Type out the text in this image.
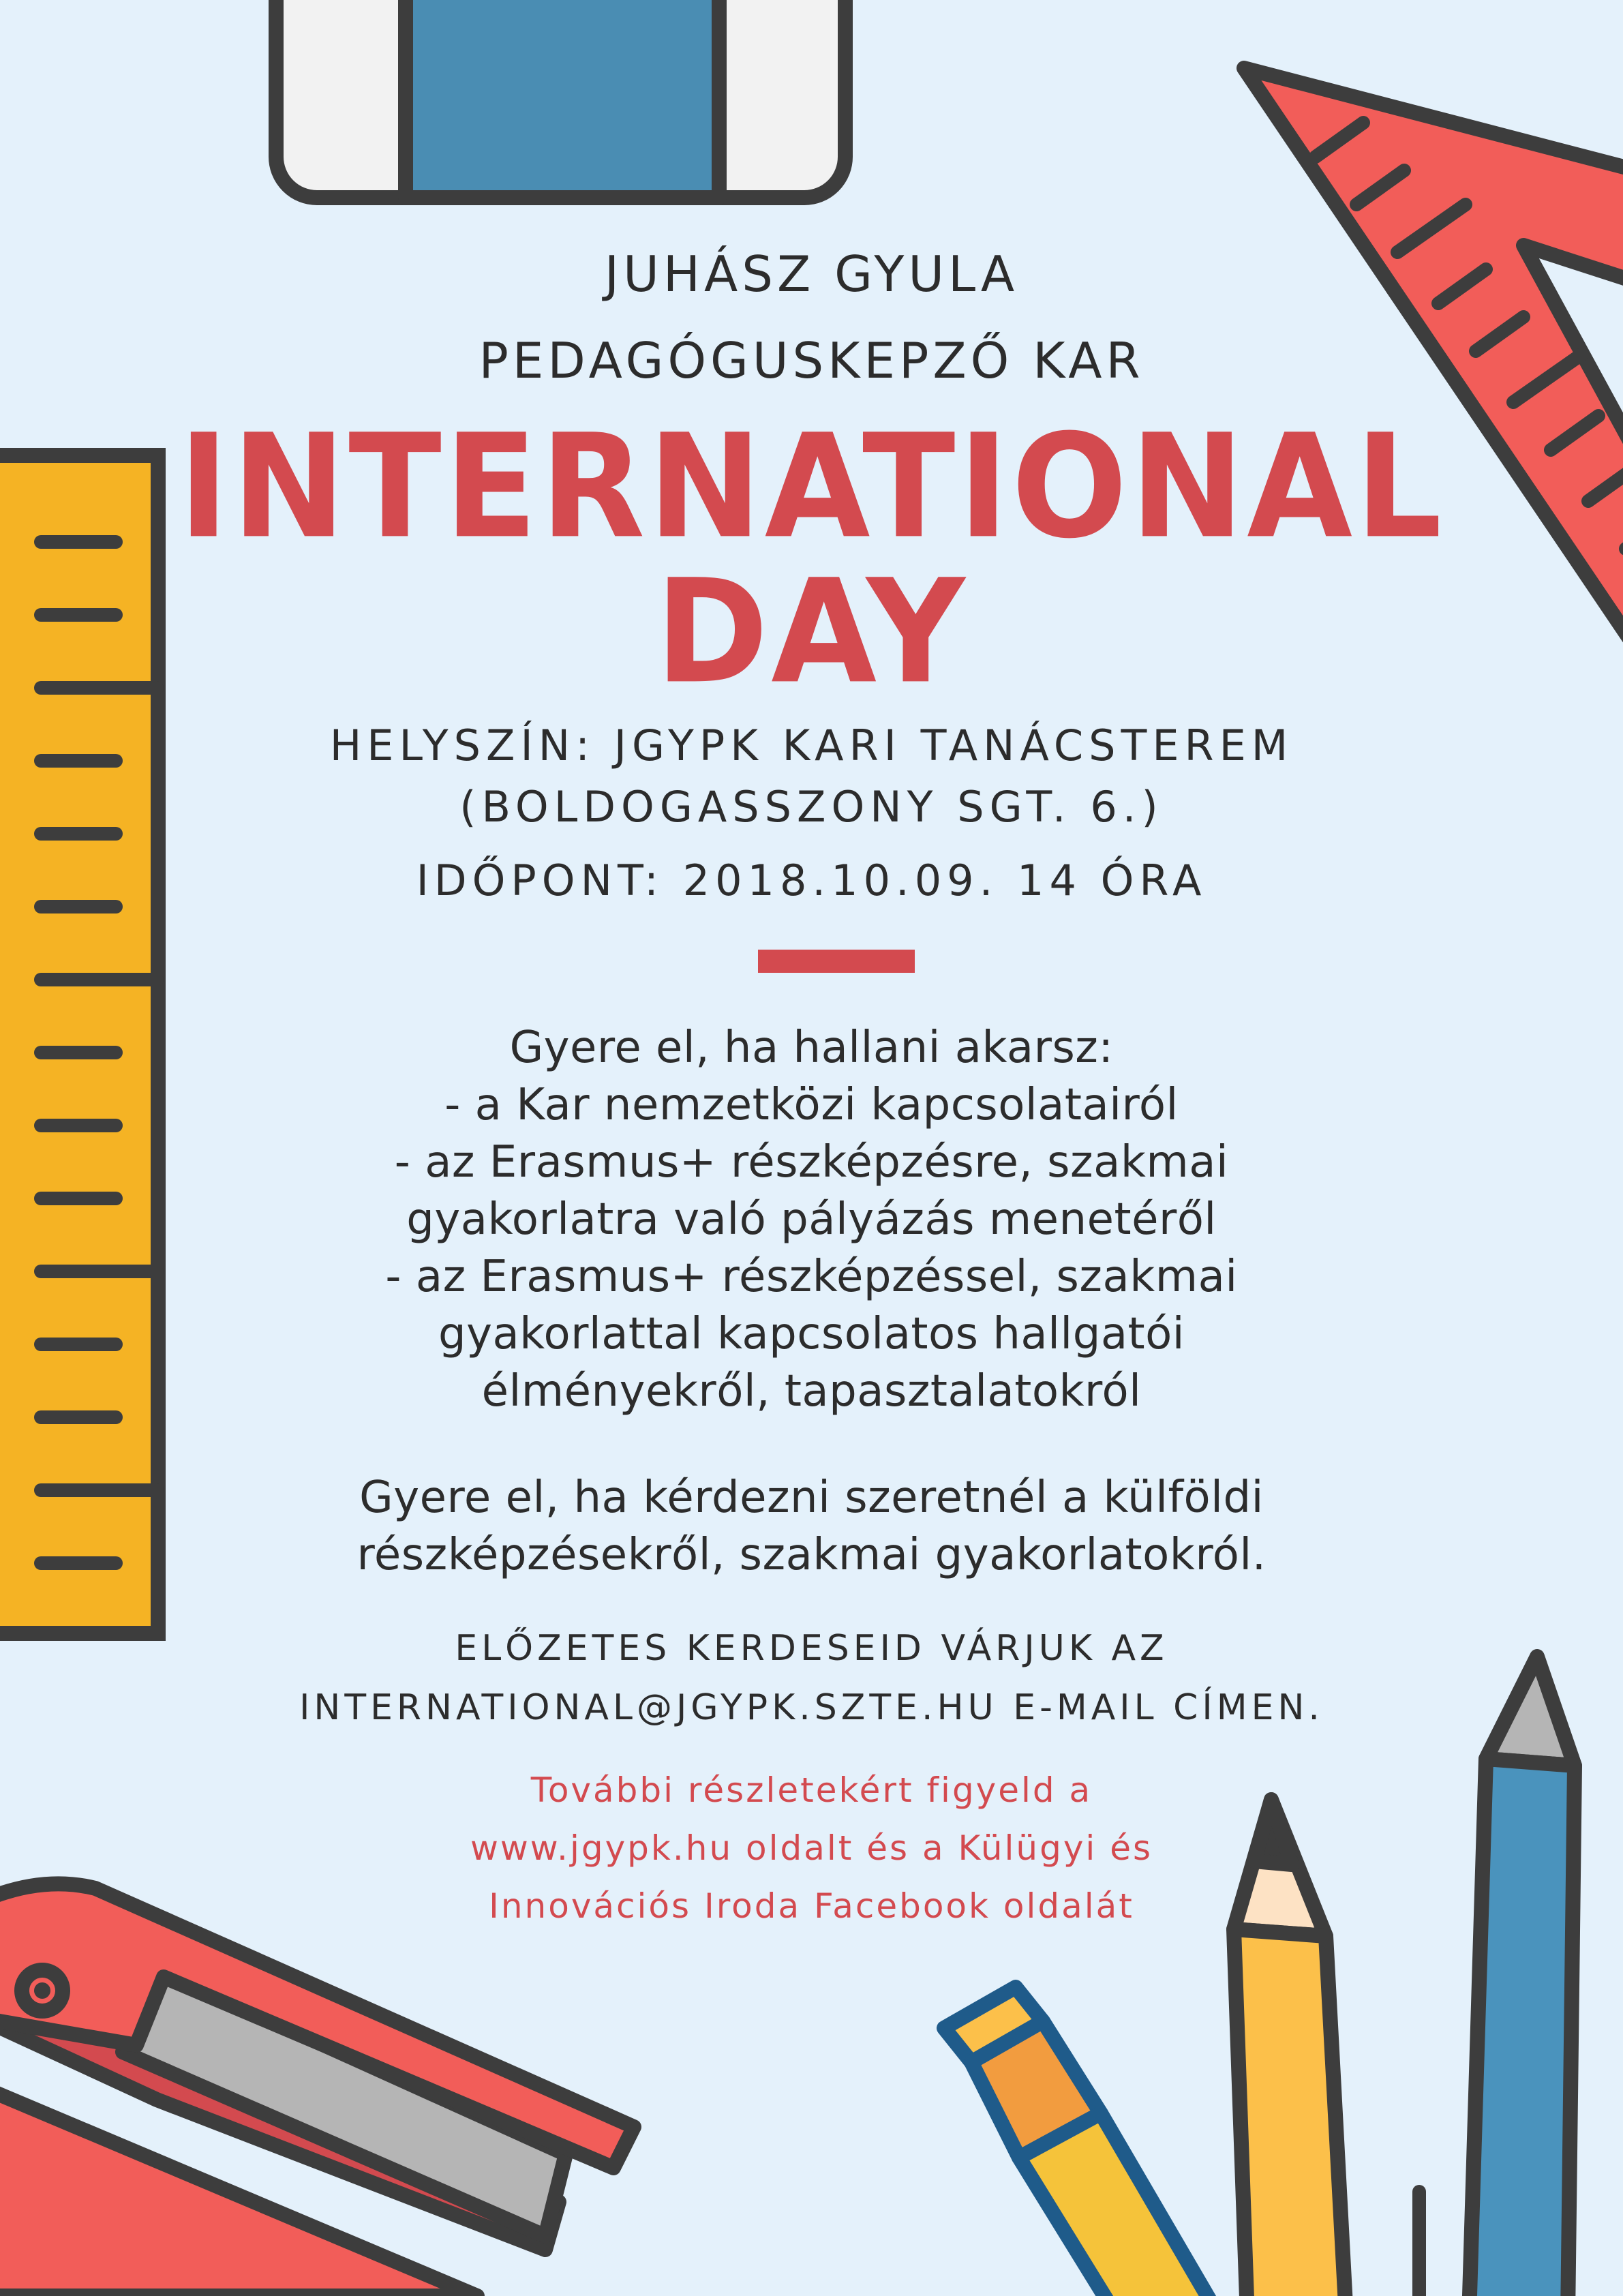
JUHÁSZ GYULA
PEDAGÓGUSKEPZŐ KAR
INTERNATIONAL
DAY
HELYSZÍN: JGYPK KARI TANÁCSTEREM
(BOLDOGASSZONY SGT. 6.)
IDŐPONT: 2018.10.09. 14 ÓRA
Gyere el, ha hallani akarsz:
- a Kar nemzetközi kapcsolatairól
- az Erasmus+ részképzésre, szakmai
gyakorlatra való pályázás menetéről
- az Erasmus+ részképzéssel, szakmai
gyakorlattal kapcsolatos hallgatói
élményekről, tapasztalatokról
Gyere el, ha kérdezni szeretnél a külföldi
részképzésekről, szakmai gyakorlatokról.
ELŐZETES KERDESEID VÁRJUK AZ
INTERNATIONAL@JGYPK.SZTE.HU E-MAIL CÍMEN.
További részletekért figyeld a
www.jgypk.hu oldalt és a Külügyi és
Innovációs Iroda Facebook oldalát
